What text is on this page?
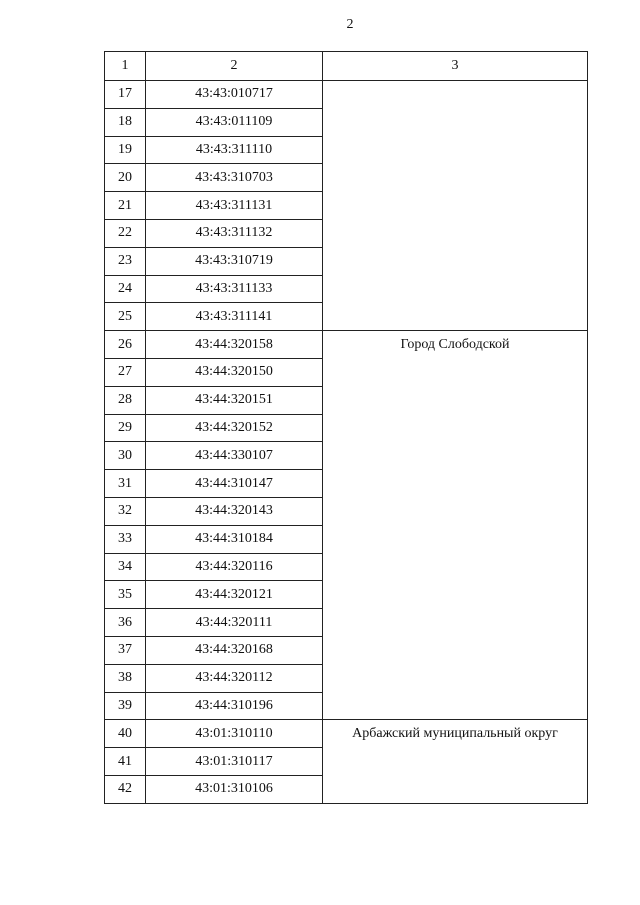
2
1	2	3
17	43:43:010717	
18	43:43:011109	
19	43:43:311110	
20	43:43:310703	
21	43:43:311131	
22	43:43:311132	
23	43:43:310719	
24	43:43:311133	
25	43:43:311141	
26	43:44:320158	Город Слободской
27	43:44:320150	
28	43:44:320151	
29	43:44:320152	
30	43:44:330107	
31	43:44:310147	
32	43:44:320143	
33	43:44:310184	
34	43:44:320116	
35	43:44:320121	
36	43:44:320111	
37	43:44:320168	
38	43:44:320112	
39	43:44:310196	
40	43:01:310110	Арбажский муниципальный округ
41	43:01:310117	
42	43:01:310106	
